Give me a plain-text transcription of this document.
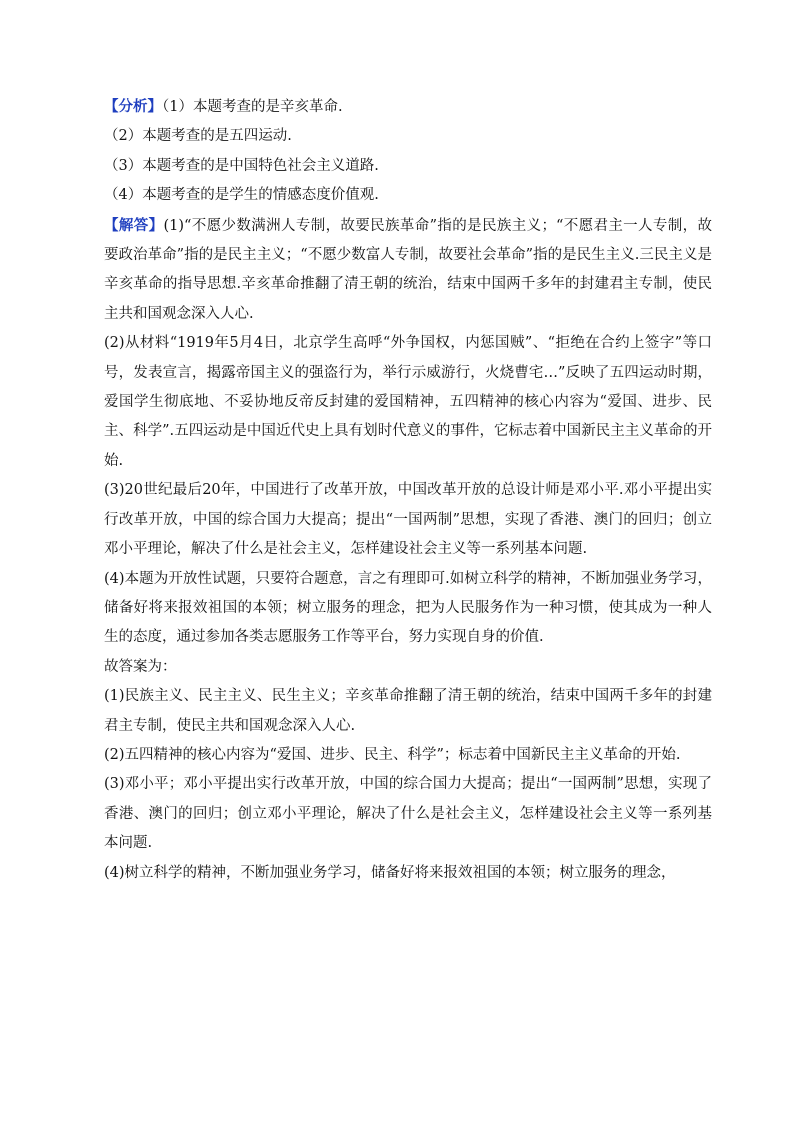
【分析】（1）本题考查的是辛亥革命.

（2）本题考查的是五四运动.

（3）本题考查的是中国特色社会主义道路.

（4）本题考查的是学生的情感态度价值观.

【解答】(1)“不愿少数满洲人专制，故要民族革命”指的是民族主义；“不愿君主一人专制，故要政治革命”指的是民主主义；“不愿少数富人专制，故要社会革命”指的是民生主义.三民主义是辛亥革命的指导思想.辛亥革命推翻了清王朝的统治，结束中国两千多年的封建君主专制，使民主共和国观念深入人心.

(2)从材料“1919年5月4日，北京学生高呼“外争国权，内惩国贼”、“拒绝在合约上签字”等口号，发表宣言，揭露帝国主义的强盗行为，举行示威游行，火烧曹宅…”反映了五四运动时期，爱国学生彻底地、不妥协地反帝反封建的爱国精神，五四精神的核心内容为“爱国、进步、民主、科学”.五四运动是中国近代史上具有划时代意义的事件，它标志着中国新民主主义革命的开始.

(3)20世纪最后20年，中国进行了改革开放，中国改革开放的总设计师是邓小平.邓小平提出实行改革开放，中国的综合国力大提高；提出“一国两制”思想，实现了香港、澳门的回归；创立邓小平理论，解决了什么是社会主义，怎样建设社会主义等一系列基本问题.

(4)本题为开放性试题，只要符合题意，言之有理即可.如树立科学的精神，不断加强业务学习，储备好将来报效祖国的本领；树立服务的理念，把为人民服务作为一种习惯，使其成为一种人生的态度，通过参加各类志愿服务工作等平台，努力实现自身的价值.

故答案为：

(1)民族主义、民主主义、民生主义；辛亥革命推翻了清王朝的统治，结束中国两千多年的封建君主专制，使民主共和国观念深入人心.

(2)五四精神的核心内容为“爱国、进步、民主、科学”；标志着中国新民主主义革命的开始.

(3)邓小平；邓小平提出实行改革开放，中国的综合国力大提高；提出“一国两制”思想，实现了香港、澳门的回归；创立邓小平理论，解决了什么是社会主义，怎样建设社会主义等一系列基本问题.

(4)树立科学的精神，不断加强业务学习，储备好将来报效祖国的本领；树立服务的理念，
